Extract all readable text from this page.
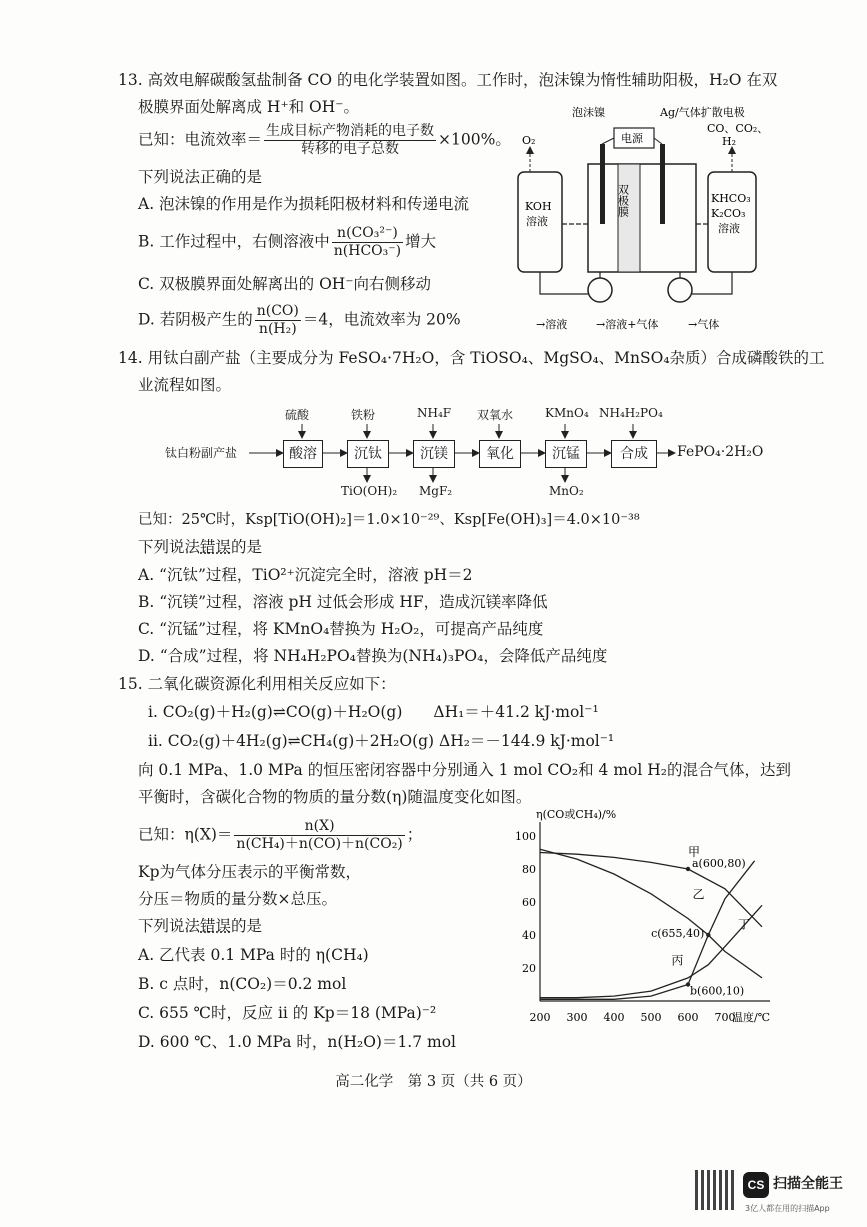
13. 高效电解碳酸氢盐制备 CO 的电化学装置如图。工作时，泡沫镍为惰性辅助阳极，H₂O 在双
极膜界面处解离成 H⁺和 OH⁻。
已知：电流效率＝ $\frac{\text{生成目标产物消耗的电子数}}{\text{转移的电子总数}} \times 100\%$。
下列说法正确的是
A. 泡沫镍的作用是作为损耗阳极材料和传递电流
B. 工作过程中，右侧溶液中 $\frac{\text{n(CO₃²⁻)}}{\text{n(HCO₃⁻)}}$ 增大
C. 双极膜界面处解离出的 OH⁻向右侧移动
D. 若阴极产生的 $\frac{n(CO)}{\text{n(H₂)}} =4$，电流效率为 20%
泡沫镍	Ag/气体扩散电极
CO、CO₂、
H₂
电源
O₂
KOH
溶液
双极膜	KHCO₃
K₂CO₃
溶液
→溶液	→溶液+气体	→气体
14. 用钛白副产盐（主要成分为 FeSO₄·7H₂O，含 TiOSO₄、MgSO₄、MnSO₄杂质）合成磷酸铁的工
业流程如图。
钛白粉副产盐	酸溶	沉钛	沉镁	氧化	沉锰	合成
硫酸	铁粉	NH₄F 双氧水	KMnO₄ NH₄H₂PO₄
TiO(OH)₂ MgF₂	MnO₂
FePO₄·2H₂O
已知：25℃时，Ksp[TiO(OH)₂]＝1.0×10⁻²⁹、Ksp[Fe(OH)₃]＝4.0×10⁻³⁸
下列说法错误的是
A. “沉钛”过程，TiO²⁺沉淀完全时，溶液 pH＝2
B. “沉镁”过程，溶液 pH 过低会形成 HF，造成沉镁率降低
C. “沉锰”过程，将 KMnO₄替换为 H₂O₂，可提高产品纯度
D. “合成”过程，将 NH₄H₂PO₄替换为(NH₄)₃PO₄，会降低产品纯度
15. 二氧化碳资源化利用相关反应如下：
i. CO₂(g)＋H₂(g)⇌CO(g)＋H₂O(g)　　ΔH₁＝＋41.2 kJ·mol⁻¹
ii. CO₂(g)＋4H₂(g)⇌CH₄(g)＋2H₂O(g) ΔH₂＝－144.9 kJ·mol⁻¹
向 0.1 MPa、1.0 MPa 的恒压密闭容器中分别通入 1 mol CO₂和 4 mol H₂的混合气体，达到
平衡时，含碳化合物的物质的量分数(η)随温度变化如图。
已知：$\eta(X)= \frac{n(X)}{\text{n(CH₄)＋n(CO)＋n(CO₂)}}$ ；
Kp为气体分压表示的平衡常数，
分压＝物质的量分数×总压。
下列说法错误的是
A. 乙代表 0.1 MPa 时的 η(CH₄)
B. c 点时，n(CO₂)＝0.2 mol
C. 655 ℃时，反应 ii 的 Kp＝18 (MPa)⁻²
D. 600 ℃、1.0 MPa 时，n(H₂O)＝1.7 mol
η(CO或CH₄)/%
温度/℃
200 300 400 500 600 700
20
40
60
80
100
甲
乙
丙
丁
a(600,80)
c(655,40)
b(600,10)
高二化学　第 3 页（共 6 页）
CS 扫描全能王
3亿人都在用的扫描App
